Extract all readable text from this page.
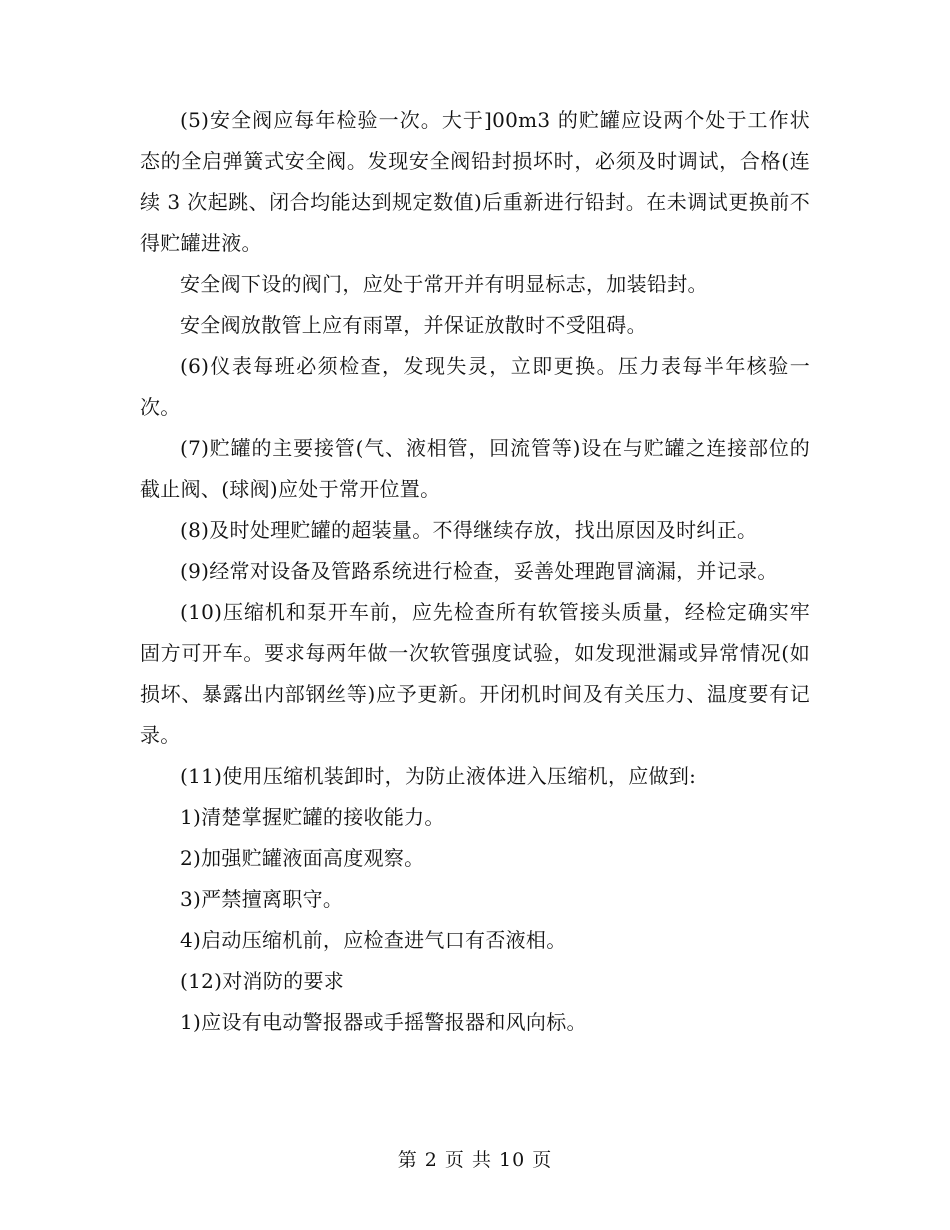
(5)安全阀应每年检验一次。大于]00m3 的贮罐应设两个处于工作状态的全启弹簧式安全阀。发现安全阀铅封损坏时，必须及时调试，合格(连续 3 次起跳、闭合均能达到规定数值)后重新进行铅封。在未调试更换前不得贮罐进液。

安全阀下设的阀门，应处于常开并有明显标志，加装铅封。

安全阀放散管上应有雨罩，并保证放散时不受阻碍。

(6)仪表每班必须检查，发现失灵，立即更换。压力表每半年核验一次。

(7)贮罐的主要接管(气、液相管，回流管等)设在与贮罐之连接部位的截止阀、(球阀)应处于常开位置。

(8)及时处理贮罐的超装量。不得继续存放，找出原因及时纠正。

(9)经常对设备及管路系统进行检查，妥善处理跑冒滴漏，并记录。

(10)压缩机和泵开车前，应先检查所有软管接头质量，经检定确实牢固方可开车。要求每两年做一次软管强度试验，如发现泄漏或异常情况(如损坏、暴露出内部钢丝等)应予更新。开闭机时间及有关压力、温度要有记录。

(11)使用压缩机装卸时，为防止液体进入压缩机，应做到:

1)清楚掌握贮罐的接收能力。

2)加强贮罐液面高度观察。

3)严禁擅离职守。

4)启动压缩机前，应检查进气口有否液相。

(12)对消防的要求

1)应设有电动警报器或手摇警报器和风向标。

第 2 页 共 10 页
